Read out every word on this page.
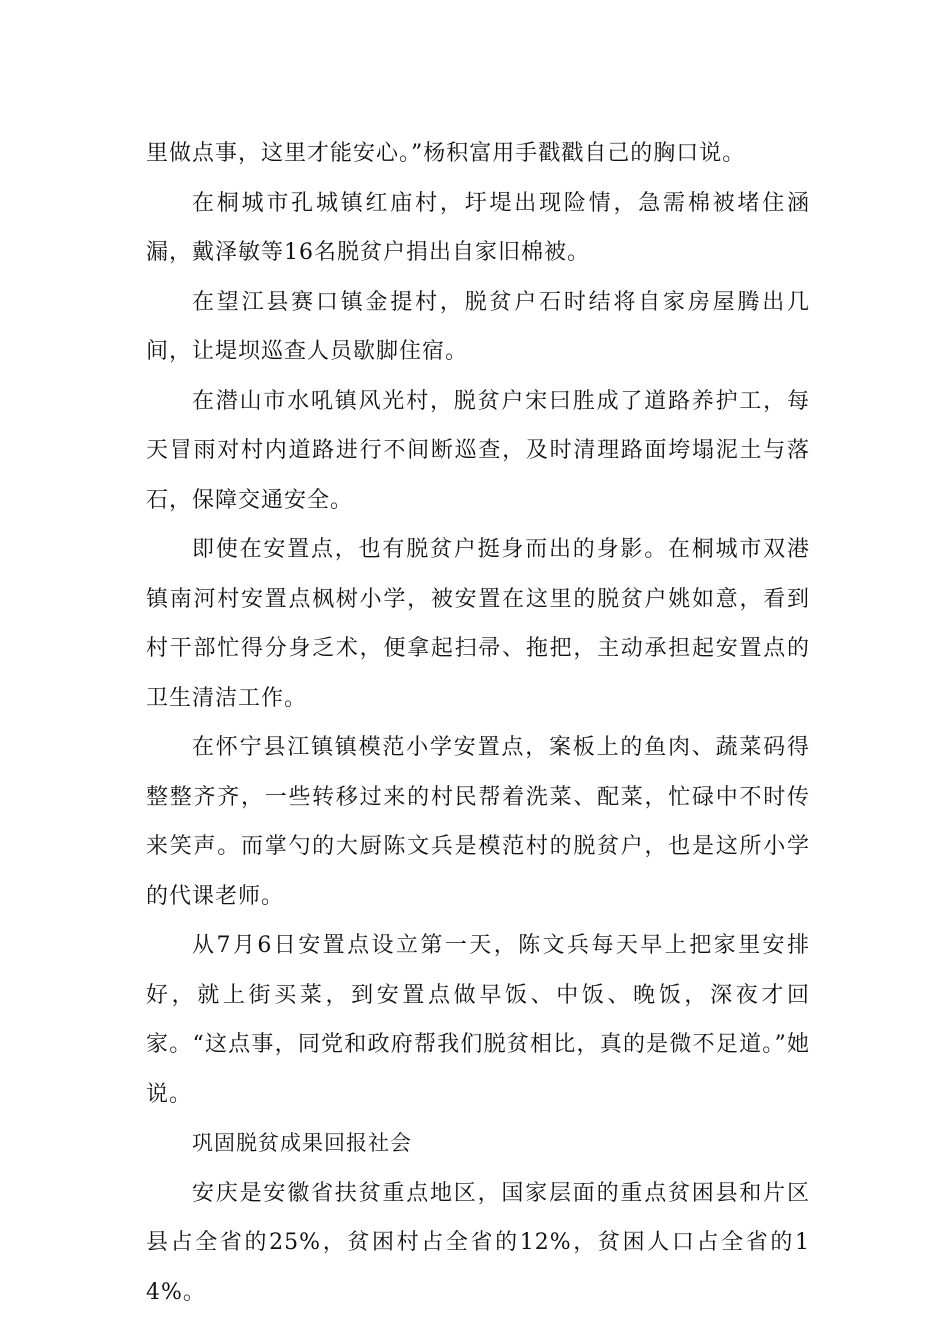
里做点事，这里才能安心。”杨积富用手戳戳自己的胸口说。

在桐城市孔城镇红庙村，圩堤出现险情，急需棉被堵住涵漏，戴泽敏等16名脱贫户捐出自家旧棉被。

在望江县赛口镇金提村，脱贫户石时结将自家房屋腾出几间，让堤坝巡查人员歇脚住宿。

在潜山市水吼镇风光村，脱贫户宋曰胜成了道路养护工，每天冒雨对村内道路进行不间断巡查，及时清理路面垮塌泥土与落石，保障交通安全。

即使在安置点，也有脱贫户挺身而出的身影。在桐城市双港镇南河村安置点枫树小学，被安置在这里的脱贫户姚如意，看到村干部忙得分身乏术，便拿起扫帚、拖把，主动承担起安置点的卫生清洁工作。

在怀宁县江镇镇模范小学安置点，案板上的鱼肉、蔬菜码得整整齐齐，一些转移过来的村民帮着洗菜、配菜，忙碌中不时传来笑声。而掌勺的大厨陈文兵是模范村的脱贫户，也是这所小学的代课老师。

从7月6日安置点设立第一天，陈文兵每天早上把家里安排好，就上街买菜，到安置点做早饭、中饭、晚饭，深夜才回家。“这点事，同党和政府帮我们脱贫相比，真的是微不足道。”她说。

巩固脱贫成果回报社会

安庆是安徽省扶贫重点地区，国家层面的重点贫困县和片区县占全省的25%，贫困村占全省的12%，贫困人口占全省的14%。
